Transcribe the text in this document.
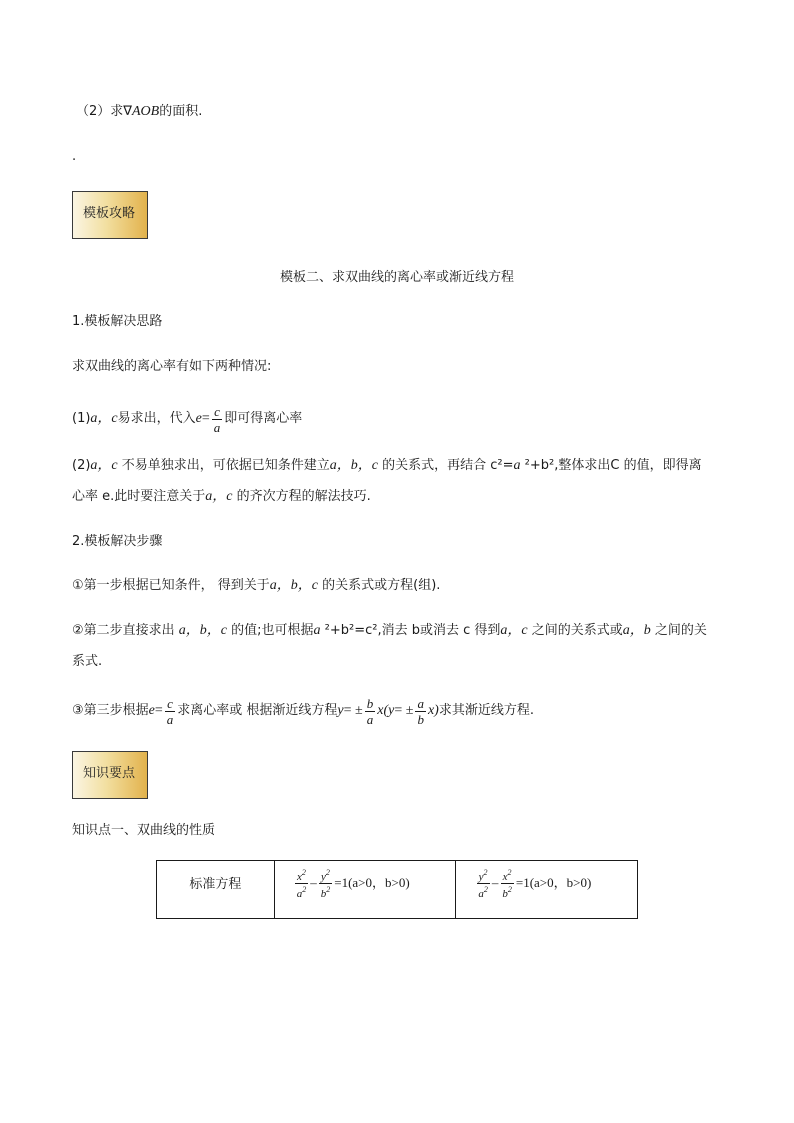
（2）求∇AOB的面积.
.
模板攻略
模板二、求双曲线的离心率或渐近线方程
1.模板解决思路
求双曲线的离心率有如下两种情况:
(1) a，c 易求出，代入 $e = \frac{c}{a}$ 即可得离心率
(2)a，c 不易单独求出，可依据已知条件建立a，b，c 的关系式，再结合 c²=a ²+b²,整体求出C 的值，即得离
心率 e.此时要注意关于a，c 的齐次方程的解法技巧.
2.模板解决步骤
①第一步根据已知条件， 得到关于a，b，c 的关系式或方程(组).
②第二步直接求出 a，b，c 的值;也可根据a ²+b²=c²,消去 b或消去 c 得到a，c 之间的关系式或a，b 之间的关
系式.
③第三步根据 $e = \frac{c}{a}$ 求离心率或 根据渐近线方程 y = ± $\frac{b}{a} x$( y = ± $\frac{a}{b} x$) 求其渐近线方程.
知识要点
知识点一、双曲线的性质
标准方程	$\frac{x^2}{a^2} - \frac{y^2}{b^2} =1(a>0$，b>0)	$\frac{y^2}{a^2} - \frac{x^2}{b^2} =1(a>0$，b>0)
